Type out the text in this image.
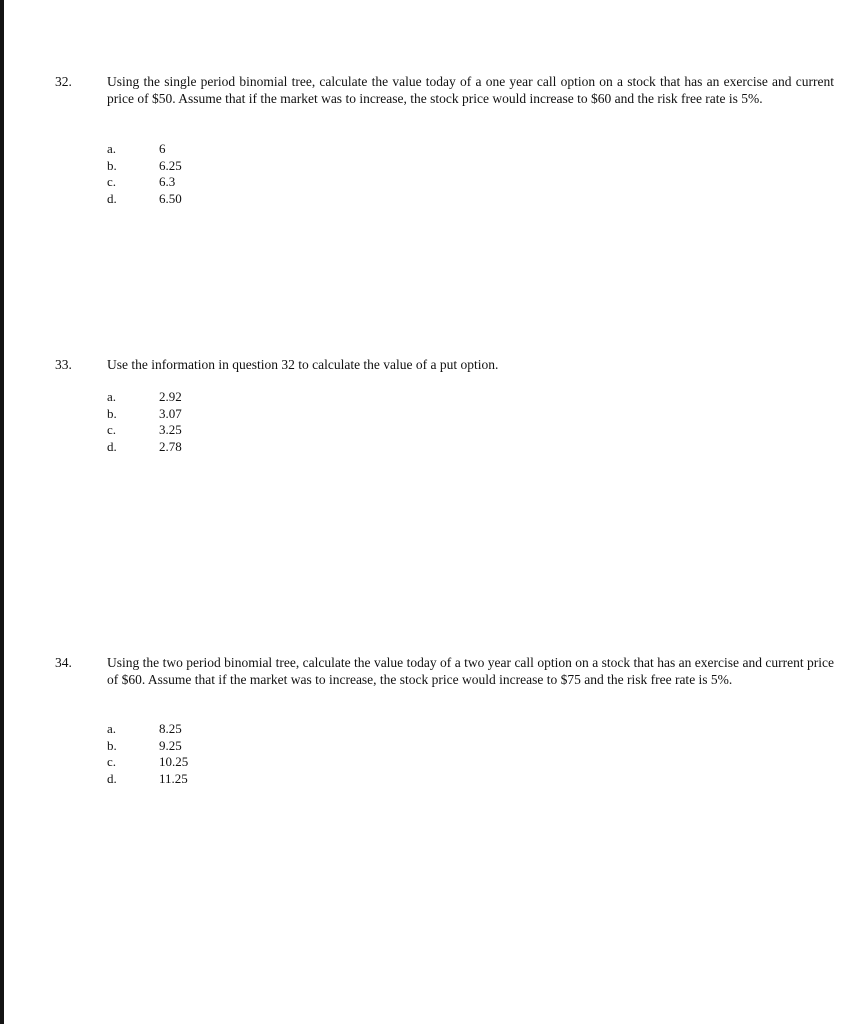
32.	Using the single period binomial tree, calculate the value today of a one year call option on a stock that has an exercise and current price of $50. Assume that if the market was to increase, the stock price would increase to $60 and the risk free rate is 5%.

a.	6
b.	6.25
c.	6.3
d.	6.50
33.	Use the information in question 32 to calculate the value of a put option.

a.	2.92
b.	3.07
c.	3.25
d.	2.78
34.	Using the two period binomial tree, calculate the value today of a two year call option on a stock that has an exercise and current price of $60. Assume that if the market was to increase, the stock price would increase to $75 and the risk free rate is 5%.

a.	8.25
b.	9.25
c.	10.25
d.	11.25
